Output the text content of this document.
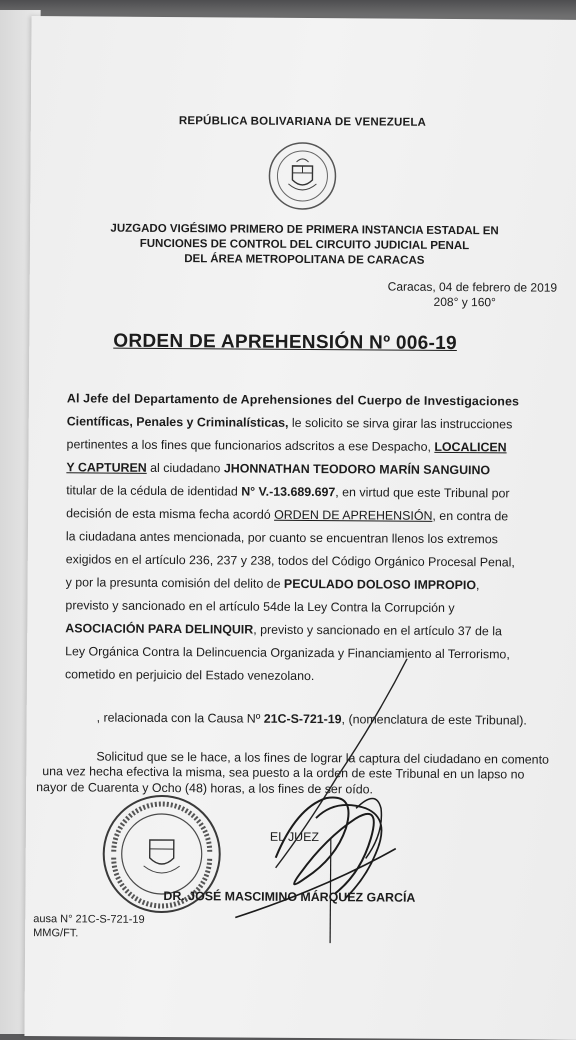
REPÚBLICA BOLIVARIANA DE VENEZUELA
JUZGADO VIGÉSIMO PRIMERO DE PRIMERA INSTANCIA ESTADAL EN
FUNCIONES DE CONTROL DEL CIRCUITO JUDICIAL PENAL
DEL ÁREA METROPOLITANA DE CARACAS
Caracas, 04 de febrero de 2019
208° y 160°
ORDEN DE APREHENSIÓN Nº 006-19
Al Jefe del Departamento de Aprehensiones del Cuerpo de Investigaciones
Científicas, Penales y Criminalísticas, le solicito se sirva girar las instrucciones
pertinentes a los fines que funcionarios adscritos a ese Despacho, LOCALICEN
Y CAPTUREN al ciudadano JHONNATHAN TEODORO MARÍN SANGUINO
titular de la cédula de identidad N° V.-13.689.697, en virtud que este Tribunal por
decisión de esta misma fecha acordó ORDEN DE APREHENSIÓN, en contra de
la ciudadana antes mencionada, por cuanto se encuentran llenos los extremos
exigidos en el artículo 236, 237 y 238, todos del Código Orgánico Procesal Penal,
y por la presunta comisión del delito de PECULADO DOLOSO IMPROPIO,
previsto y sancionado en el artículo 54de la Ley Contra la Corrupción y
ASOCIACIÓN PARA DELINQUIR, previsto y sancionado en el artículo 37 de la
Ley Orgánica Contra la Delincuencia Organizada y Financiamiento al Terrorismo,
cometido en perjuicio del Estado venezolano.
, relacionada con la Causa Nº 21C-S-721-19, (nomenclatura de este Tribunal).
Solicitud que se le hace, a los fines de lograr la captura del ciudadano en comento
una vez hecha efectiva la misma, sea puesto a la orden de este Tribunal en un lapso no
nayor de Cuarenta y Ocho (48) horas, a los fines de ser oído.
EL JUEZ
DR. JOSÉ MASCIMINO MÁRQUEZ GARCÍA
ausa N° 21C-S-721-19
MMG/FT.
